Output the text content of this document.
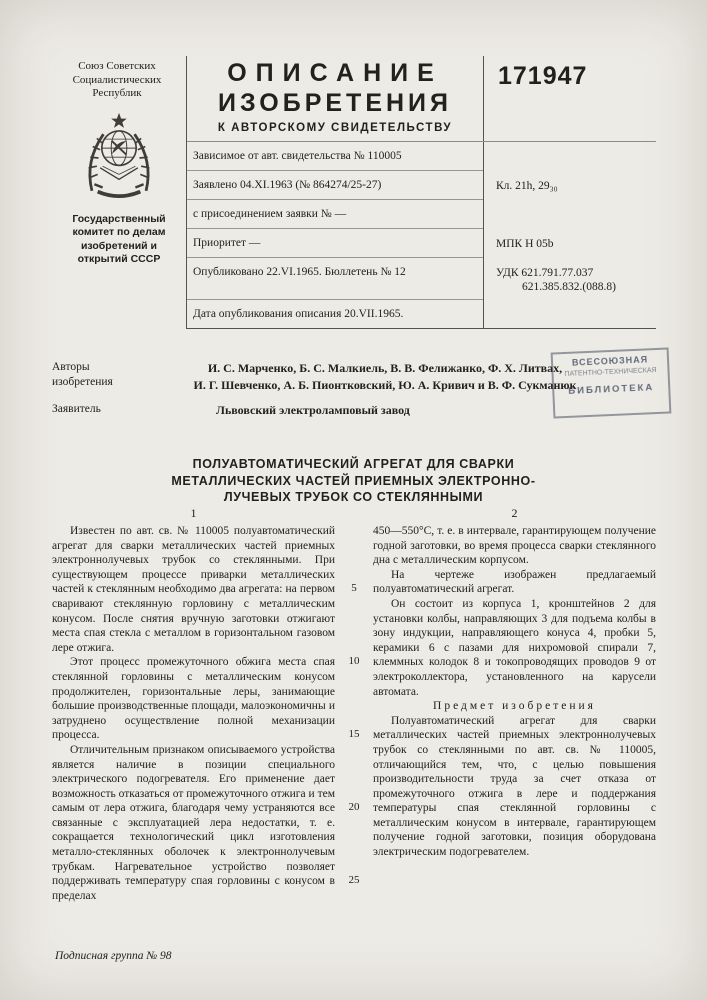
Союз Советских Социалистических Республик
Государственный комитет по делам изобретений и открытий СССР
ОПИСАНИЕ
ИЗОБРЕТЕНИЯ
К АВТОРСКОМУ СВИДЕТЕЛЬСТВУ
171947
Зависимое от авт. свидетельства № 110005
Заявлено 04.XI.1963 (№ 864274/25-27)	Кл. 21h, 29₃₀
с присоединением заявки № —
Приоритет —	МПК H 05b
Опубликовано 22.VI.1965. Бюллетень № 12	УДК 621.791.77.037
621.385.832.(088.8)
Дата опубликования описания 20.VII.1965.
Авторы
изобретения
И. С. Марченко, Б. С. Малкиель, В. В. Фелижанко, Ф. Х. Литвах,
И. Г. Шевченко, А. Б. Пионтковский, Ю. А. Кривич и В. Ф. Сукманюк
Заявитель	Львовский электроламповый завод
ВСЕСОЮЗНАЯ
ПАТЕНТНО-ТЕХНИЧЕСКАЯ
БИБЛИОТЕКА
ПОЛУАВТОМАТИЧЕСКИЙ АГРЕГАТ ДЛЯ СВАРКИ
МЕТАЛЛИЧЕСКИХ ЧАСТЕЙ ПРИЕМНЫХ ЭЛЕКТРОННО-
ЛУЧЕВЫХ ТРУБОК СО СТЕКЛЯННЫМИ
1	2

Известен по авт. св. № 110005 полуавтоматический агрегат для сварки металлических частей приемных электроннолучевых трубок со стеклянными. При существующем процессе приварки металлических частей к стеклянным необходимо два агрегата: на первом сваривают стеклянную горловину с металлическим конусом. После снятия вручную заготовки отжигают места спая стекла с металлом в горизонтальном газовом лере отжига.

Этот процесс промежуточного обжига места спая стеклянной горловины с металлическим конусом продолжителен, горизонтальные леры, занимающие большие производственные площади, малоэкономичны и затруднено осуществление полной механизации процесса.

Отличительным признаком описываемого устройства является наличие в позиции специального электрического подогревателя. Его применение дает возможность отказаться от промежуточного отжига и тем самым от лера отжига, благодаря чему устраняются все связанные с эксплуатацией лера недостатки, т. е. сокращается технологический цикл изготовления металло-стеклянных оболочек к электроннолучевым трубкам. Нагревательное устройство позволяет поддерживать температуру спая горловины с конусом в пределах

5
10
15
20
25

450—550°С, т. е. в интервале, гарантирующем получение годной заготовки, во время процесса сварки стеклянного дна с металлическим корпусом.

На чертеже изображен предлагаемый полуавтоматический агрегат.

Он состоит из корпуса 1, кронштейнов 2 для установки колбы, направляющих 3 для подъема колбы в зону индукции, направляющего конуса 4, пробки 5, керамики 6 с пазами для нихромовой спирали 7, клеммных колодок 8 и токопроводящих проводов 9 от электроколлектора, установленного на карусели автомата.

Предмет изобретения

Полуавтоматический агрегат для сварки металлических частей приемных электроннолучевых трубок со стеклянными по авт. св. № 110005, отличающийся тем, что, с целью повышения производительности труда за счет отказа от промежуточного отжига в лере и поддержания температуры спая стеклянной горловины с металлическим конусом в интервале, гарантирующем получение годной заготовки, позиция оборудована электрическим подогревателем.

Подписная группа № 98
